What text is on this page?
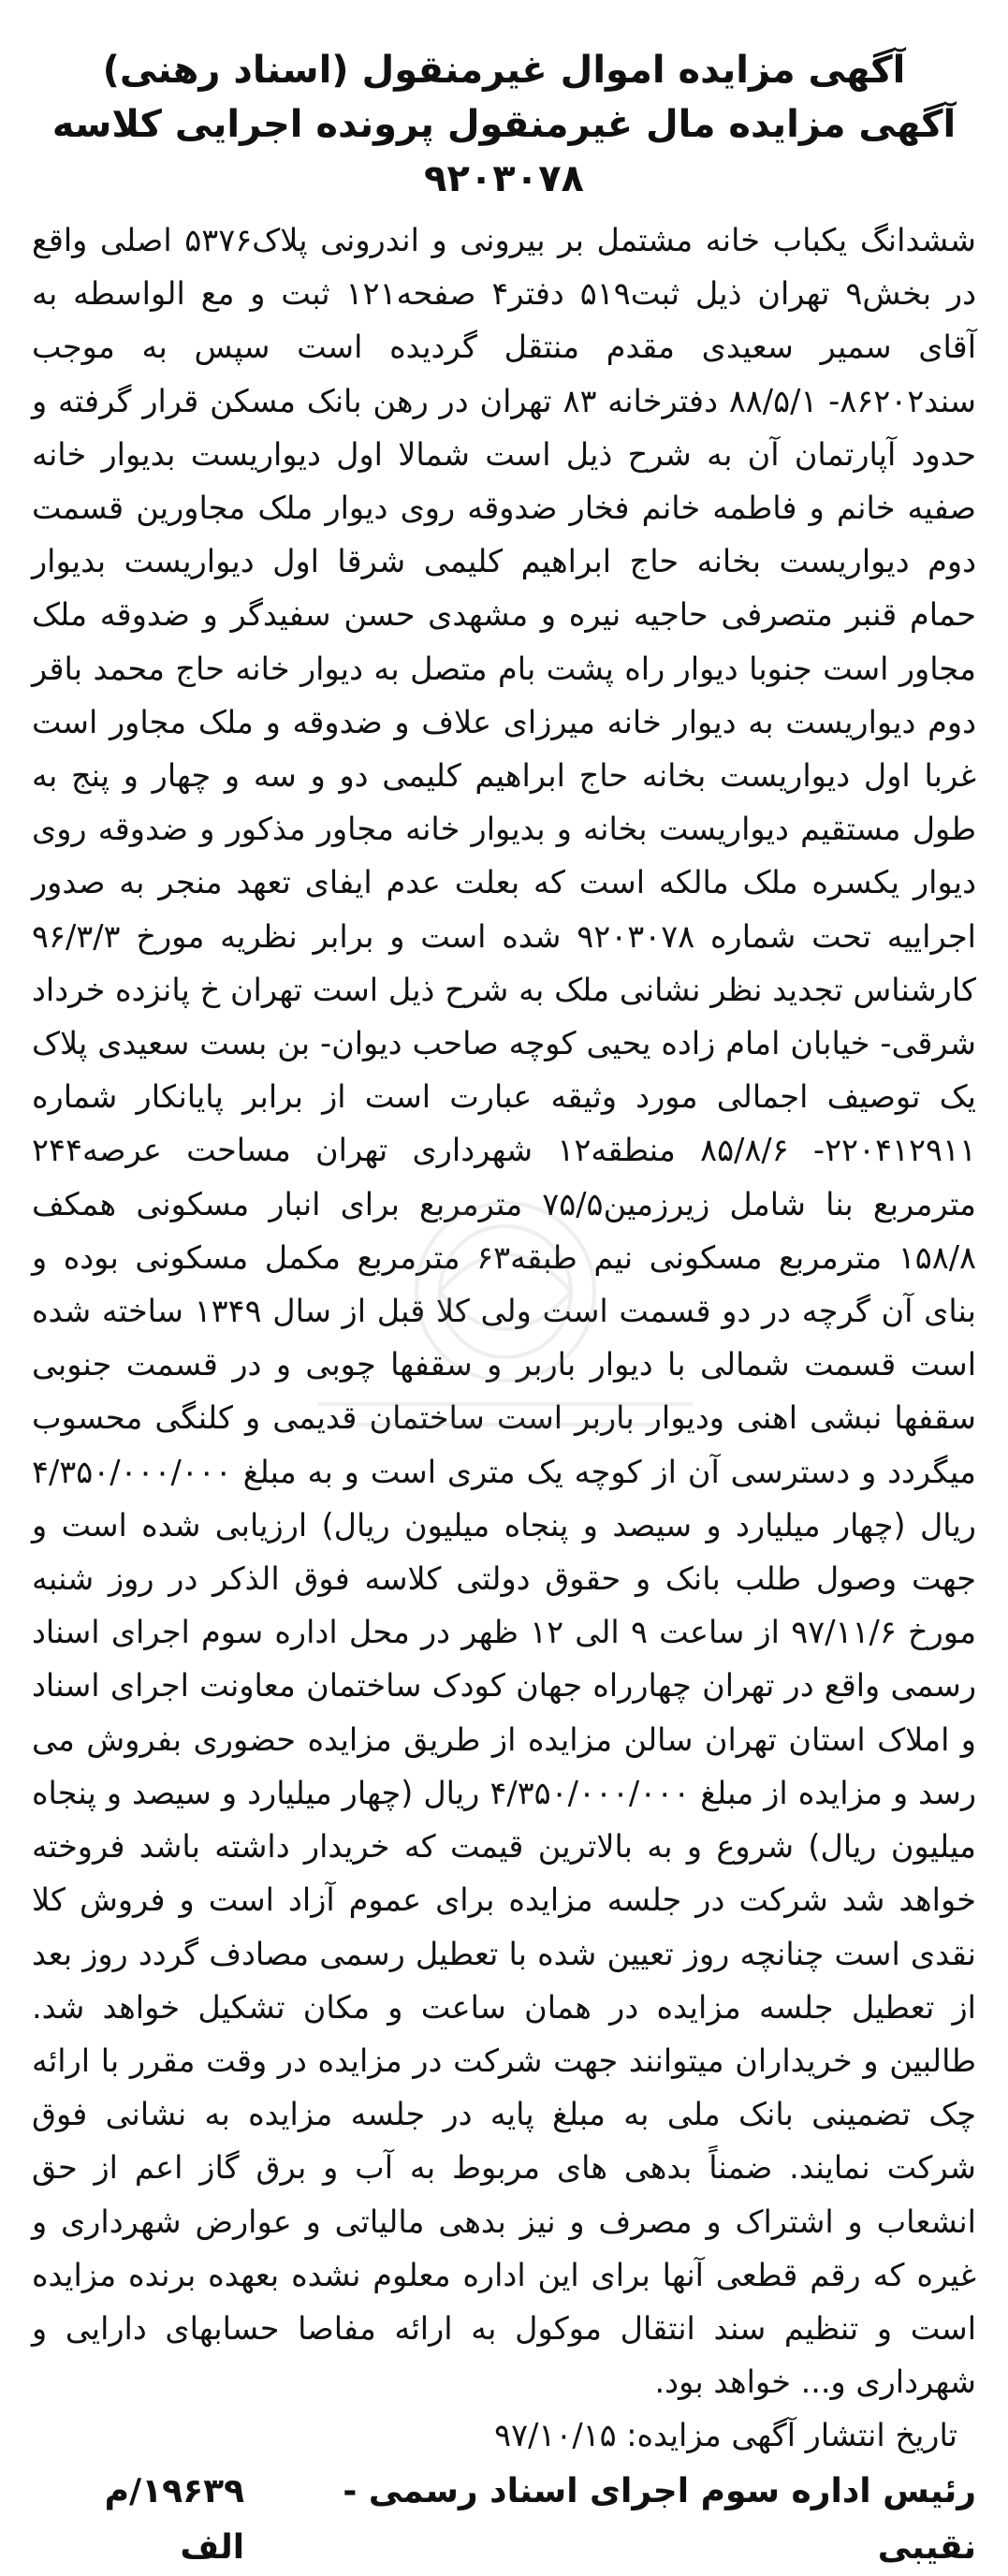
آگهی مزایده اموال غیرمنقول (اسناد رهنی)
آگهی مزایده مال غیرمنقول پرونده اجرایی کلاسه ۹۲۰۳۰۷۸

ششدانگ یکباب خانه مشتمل بر بیرونی و اندرونی پلاک۵۳۷۶ اصلی واقع در بخش۹ تهران ذیل ثبت۵۱۹ دفتر۴ صفحه۱۲۱ ثبت و مع الواسطه به آقای سمیر سعیدی مقدم منتقل گردیده است سپس به موجب سند۸۶۲۰۲- ۸۸/۵/۱ دفترخانه ۸۳ تهران در رهن بانک مسکن قرار گرفته و حدود آپارتمان آن به شرح ذیل است شمالا اول دیواریست بدیوار خانه صفیه خانم و فاطمه خانم فخار ضدوقه روی دیوار ملک مجاورین قسمت دوم دیواریست بخانه حاج ابراهیم کلیمی شرقا اول دیواریست بدیوار حمام قنبر متصرفی حاجیه نیره و مشهدی حسن سفیدگر و ضدوقه ملک مجاور است جنوبا دیوار راه پشت بام متصل به دیوار خانه حاج محمد باقر دوم دیواریست به دیوار خانه میرزای علاف و ضدوقه و ملک مجاور است غربا اول دیواریست بخانه حاج ابراهیم کلیمی دو و سه و چهار و پنج به طول مستقیم دیواریست بخانه و بدیوار خانه مجاور مذکور و ضدوقه روی دیوار یکسره ملک مالکه است که بعلت عدم ایفای تعهد منجر به صدور اجراییه تحت شماره ۹۲۰۳۰۷۸ شده است و برابر نظریه مورخ ۹۶/۳/۳ کارشناس تجدید نظر نشانی ملک به شرح ذیل است تهران خ پانزده خرداد شرقی- خیابان امام زاده یحیی کوچه صاحب دیوان- بن بست سعیدی پلاک یک توصیف اجمالی مورد وثیقه عبارت است از برابر پایانکار شماره ۲۲۰۴۱۲۹۱۱- ۸۵/۸/۶ منطقه۱۲ شهرداری تهران مساحت عرصه۲۴۴ مترمربع بنا شامل زیرزمین۷۵/۵ مترمربع برای انبار مسکونی همکف ۱۵۸/۸ مترمربع مسکونی نیم طبقه۶۳ مترمربع مکمل مسکونی بوده و بنای آن گرچه در دو قسمت است ولی کلا قبل از سال ۱۳۴۹ ساخته شده است قسمت شمالی با دیوار باربر و سقفها چوبی و در قسمت جنوبی سقفها نبشی اهنی ودیوار باربر است ساختمان قدیمی و کلنگی محسوب میگردد و دسترسی آن از کوچه یک متری است و به مبلغ ۴/۳۵۰/۰۰۰/۰۰۰ ریال (چهار میلیارد و سیصد و پنجاه میلیون ریال) ارزیابی شده است و جهت وصول طلب بانک و حقوق دولتی کلاسه فوق الذکر در روز شنبه مورخ ۹۷/۱۱/۶ از ساعت ۹ الی ۱۲ ظهر در محل اداره سوم اجرای اسناد رسمی واقع در تهران چهارراه جهان کودک ساختمان معاونت اجرای اسناد و املاک استان تهران سالن مزایده از طریق مزایده حضوری بفروش می رسد و مزایده از مبلغ ۴/۳۵۰/۰۰۰/۰۰۰ ریال (چهار میلیارد و سیصد و پنجاه میلیون ریال) شروع و به بالاترین قیمت که خریدار داشته باشد فروخته خواهد شد شرکت در جلسه مزایده برای عموم آزاد است و فروش کلا نقدی است چنانچه روز تعیین شده با تعطیل رسمی مصادف گردد روز بعد از تعطیل جلسه مزایده در همان ساعت و مکان تشکیل خواهد شد. طالبین و خریداران میتوانند جهت شرکت در مزایده در وقت مقرر با ارائه چک تضمینی بانک ملی به مبلغ پایه در جلسه مزایده به نشانی فوق شرکت نمایند. ضمناً بدهی های مربوط به آب و برق گاز اعم از حق انشعاب و اشتراک و مصرف و نیز بدهی مالیاتی و عوارض شهرداری و غیره که رقم قطعی آنها برای این اداره معلوم نشده بعهده برنده مزایده است و تنظیم سند انتقال موکول به ارائه مفاصا حسابهای دارایی و شهرداری و... خواهد بود.

تاریخ انتشار آگهی مزایده: ۹۷/۱۰/۱۵

رئیس اداره سوم اجرای اسناد رسمی - نقیبی
۱۹۶۳۹/م الف
